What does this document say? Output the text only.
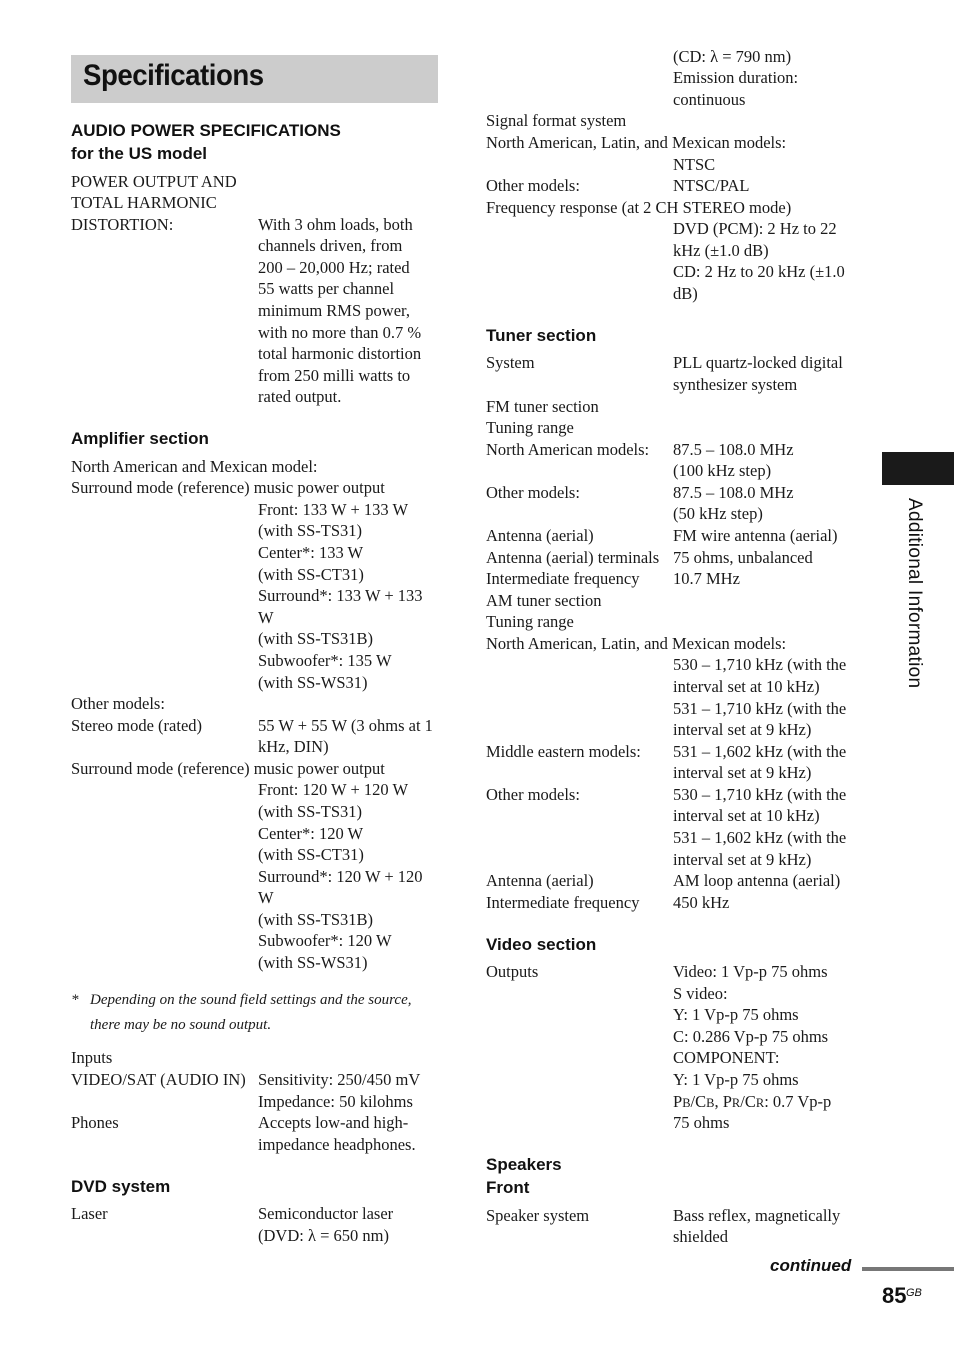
Specifications
Additional Information
AUDIO POWER SPECIFICATIONS
for the US model
POWER OUTPUT AND
TOTAL HARMONIC
DISTORTION:	With 3 ohm loads, both
channels driven, from
200 – 20,000 Hz; rated
55 watts per channel
minimum RMS power,
with no more than 0.7 %
total harmonic distortion
from 250 milli watts to
rated output.
Amplifier section
North American and Mexican model:
Surround mode (reference) music power output
Front: 133 W + 133 W
(with SS-TS31)
Center*: 133 W
(with SS-CT31)
Surround*: 133 W + 133
W
(with SS-TS31B)
Subwoofer*: 135 W
(with SS-WS31)
Other models:
Stereo mode (rated)	55 W + 55 W (3 ohms at 1
kHz, DIN)
Surround mode (reference) music power output
Front: 120 W + 120 W
(with SS-TS31)
Center*: 120 W
(with SS-CT31)
Surround*: 120 W + 120
W
(with SS-TS31B)
Subwoofer*: 120 W
(with SS-WS31)
* Depending on the sound field settings and the source,
there may be no sound output.
Inputs
VIDEO/SAT (AUDIO IN) Sensitivity: 250/450 mV
Impedance: 50 kilohms
Phones	Accepts low-and high-
impedance headphones.
DVD system
Laser	Semiconductor laser
(DVD: λ = 650 nm)
(CD: λ = 790 nm)
Emission duration:
continuous
Signal format system
North American, Latin, and Mexican models:
NTSC
Other models:	NTSC/PAL
Frequency response (at 2 CH STEREO mode)
DVD (PCM): 2 Hz to 22
kHz (±1.0 dB)
CD: 2 Hz to 20 kHz (±1.0
dB)
Tuner section
System	PLL quartz-locked digital
synthesizer system
FM tuner section
Tuning range
North American models: 87.5 – 108.0 MHz
(100 kHz step)
Other models:	87.5 – 108.0 MHz
(50 kHz step)
Antenna (aerial)	FM wire antenna (aerial)
Antenna (aerial) terminals 75 ohms, unbalanced
Intermediate frequency 10.7 MHz
AM tuner section
Tuning range
North American, Latin, and Mexican models:
530 – 1,710 kHz (with the
interval set at 10 kHz)
531 – 1,710 kHz (with the
interval set at 9 kHz)
Middle eastern models: 531 – 1,602 kHz (with the
interval set at 9 kHz)
Other models:	530 – 1,710 kHz (with the
interval set at 10 kHz)
531 – 1,602 kHz (with the
interval set at 9 kHz)
Antenna (aerial)	AM loop antenna (aerial)
Intermediate frequency 450 kHz
Video section
Outputs	Video: 1 Vp-p 75 ohms
S video:
Y: 1 Vp-p 75 ohms
C: 0.286 Vp-p 75 ohms
COMPONENT:
Y: 1 Vp-p 75 ohms
PB/CB, PR/CR: 0.7 Vp-p
75 ohms
Speakers
Front
Speaker system	Bass reflex, magnetically
shielded
continued
85 GB
